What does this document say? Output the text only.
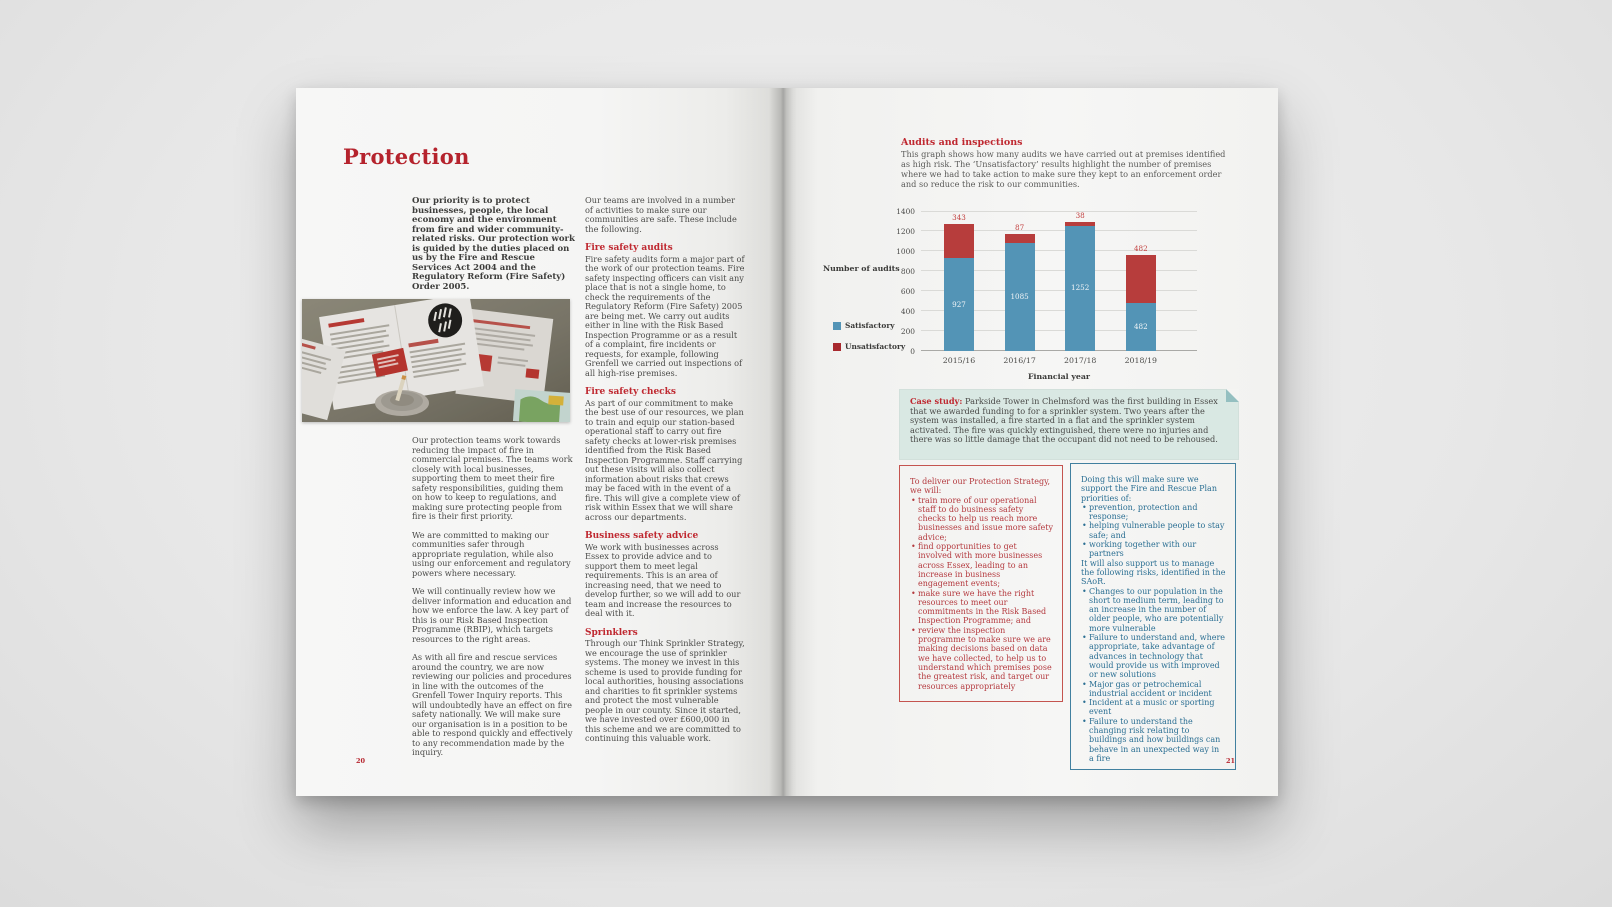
Protection
Our priority is to protect businesses, people, the local economy and the environment from fire and wider community-related risks. Our protection work is guided by the duties placed on us by the Fire and Rescue Services Act 2004 and the Regulatory Reform (Fire Safety) Order 2005.

Our protection teams work towards reducing the impact of fire in commercial premises. The teams work closely with local businesses, supporting them to meet their fire safety responsibilities, guiding them on how to keep to regulations, and making sure protecting people from fire is their first priority.

We are committed to making our communities safer through appropriate regulation, while also using our enforcement and regulatory powers where necessary.

We will continually review how we deliver information and education and how we enforce the law. A key part of this is our Risk Based Inspection Programme (RBIP), which targets resources to the right areas.

As with all fire and rescue services around the country, we are now reviewing our policies and procedures in line with the outcomes of the Grenfell Tower Inquiry reports. This will undoubtedly have an effect on fire safety nationally. We will make sure our organisation is in a position to be able to respond quickly and effectively to any recommendation made by the inquiry.

Our teams are involved in a number of activities to make sure our communities are safe. These include the following.

Fire safety audits

Fire safety audits form a major part of the work of our protection teams. Fire safety inspecting officers can visit any place that is not a single home, to check the requirements of the Regulatory Reform (Fire Safety) 2005 are being met. We carry out audits either in line with the Risk Based Inspection Programme or as a result of a complaint, fire incidents or requests, for example, following Grenfell we carried out inspections of all high-rise premises.

Fire safety checks

As part of our commitment to make the best use of our resources, we plan to train and equip our station-based operational staff to carry out fire safety checks at lower-risk premises identified from the Risk Based Inspection Programme. Staff carrying out these visits will also collect information about risks that crews may be faced with in the event of a fire. This will give a complete view of risk within Essex that we will share across our departments.

Business safety advice

We work with businesses across Essex to provide advice and to support them to meet legal requirements. This is an area of increasing need, that we need to develop further, so we will add to our team and increase the resources to deal with it.

Sprinklers

Through our Think Sprinkler Strategy, we encourage the use of sprinkler systems. The money we invest in this scheme is used to provide funding for local authorities, housing associations and charities to fit sprinkler systems and protect the most vulnerable people in our county. Since it started, we have invested over £600,000 in this scheme and we are committed to continuing this valuable work.

20
Audits and inspections
This graph shows how many audits we have carried out at premises identified as high risk. The ‘Unsatisfactory’ results highlight the number of premises where we had to take action to make sure they kept to an enforcement order and so reduce the risk to our communities.
Number of audits
Satisfactory
Unsatisfactory 0
200
400
600
800
1000
1200
1400
927
343
2015/16
1085
87
2016/17
1252
38
2017/18
482
482
2018/19
Financial year
Case study: Parkside Tower in Chelmsford was the first building in Essex that we awarded funding to for a sprinkler system. Two years after the system was installed, a fire started in a flat and the sprinkler system activated. The fire was quickly extinguished, there were no injuries and there was so little damage that the occupant did not need to be rehoused.
To deliver our Protection Strategy, we will:
• train more of our operational staff to do business safety checks to help us reach more businesses and issue more safety advice;
• find opportunities to get involved with more businesses across Essex, leading to an increase in business engagement events;
• make sure we have the right resources to meet our commitments in the Risk Based Inspection Programme; and
• review the inspection programme to make sure we are making decisions based on data we have collected, to help us to understand which premises pose the greatest risk, and target our resources appropriately
Doing this will make sure we support the Fire and Rescue Plan priorities of:
• prevention, protection and response;
• helping vulnerable people to stay safe; and
• working together with our partners
It will also support us to manage the following risks, identified in the SAoR.
• Changes to our population in the short to medium term, leading to an increase in the number of older people, who are potentially more vulnerable
• Failure to understand and, where appropriate, take advantage of advances in technology that would provide us with improved or new solutions
• Major gas or petrochemical industrial accident or incident
• Incident at a music or sporting event
• Failure to understand the changing risk relating to buildings and how buildings can behave in an unexpected way in a fire	21
